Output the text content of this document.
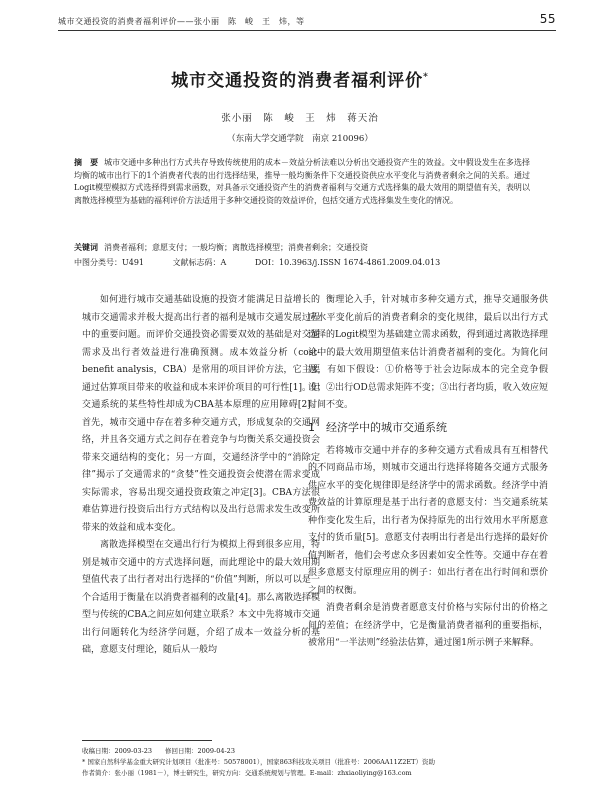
城市交通投资的消费者福利评价——张小丽　陈　峻　王　炜，等	55
城市交通投资的消费者福利评价*
张小丽　陈　峻　王　炜　蒋天治
（东南大学交通学院　南京 210096）
摘　要 城市交通中多种出行方式共存导致传统使用的成本－效益分析法难以分析出交通投资产生的效益。文中假设发生在多选择均衡的城市出行下的1个消费者代表的出行选择结果，推导一般均衡条件下交通投资供应水平变化与消费者剩余之间的关系。通过Logit模型模拟方式选择得到需求函数，对具备示交通投资产生的消费者福利与交通方式选择集的最大效用的期望值有关，表明以离散选择模型为基础的福利评价方法适用于多种交通投资的效益评价，包括交通方式选择集发生变化的情况。
关键词 消费者福利；意愿支付；一般均衡；离散选择模型；消费者剩余；交通投资
中图分类号：U491	文献标志码：A	DOI：10.3963/j.ISSN 1674-4861.2009.04.013

如何进行城市交通基础设施的投资才能满足日益增长的城市交通需求并极大提高出行者的福利是城市交通发展过程中的重要问题。而评价交通投资必需要双效的基础是对交通需求及出行者效益进行准确预测。成本效益分析（cost-benefit analysis，CBA）是常用的项目评价方法，它主要通过估算项目带来的收益和成本来评价项目的可行性[1]。但交通系统的某些特性却成为CBA基本原理的应用障碍[2]。首先，城市交通中存在着多种交通方式，形成复杂的交通网络，并且各交通方式之间存在着竞争与均衡关系交通投资会带来交通结构的变化；另一方面，交通经济学中的“消除定律”揭示了交通需求的“贪婪”性交通投资会使潜在需求变成实际需求，容易出现交通投资政策之冲定[3]。CBA方法很难估算进行投资后出行方式结构以及出行总需求发生改变所带来的效益和成本变化。

离散选择模型在交通出行行为模拟上得到很多应用，特别是城市交通中的方式选择问题，而此理论中的最大效用期望值代表了出行者对出行选择的“价值”判断，所以可以是一个合适用于衡量在以消费者福利的改量[4]。那么离散选择模型与传统的CBA之间应如何建立联系？本文中先将城市交通出行问题转化为经济学问题，介绍了成本一效益分析的基础，意愿支付理论，随后从一般均

衡理论入手，针对城市多种交通方式，推导交通服务供应水平变化前后的消费者剩余的变化规律，最后以出行方式选择的Logit模型为基础建立需求函数，得到通过离散选择理论中的最大效用期望值来估计消费者福利的变化。为简化问题，有如下假设：①价格等于社会边际成本的完全竞争假设；②出行OD总需求矩阵不变；③出行者均质，收入效应短时间不变。

1　经济学中的城市交通系统

若将城市交通中并存的多种交通方式看成具有互相替代的不同商品市场，则城市交通出行选择将随各交通方式服务供应水平的变化规律即是经济学中的需求函数。经济学中消费效益的计算原理是基于出行者的意愿支付：当交通系统某种作变化发生后，出行者为保持原先的出行效用水平所愿意支付的货币量[5]。意愿支付表明出行者是出行选择的最好价值判断者，他们会考虑众多因素如安全性等。交通中存在着很多意愿支付原理应用的例子：如出行者在出行时间和票价之间的权衡。

消费者剩余是消费者愿意支付价格与实际付出的价格之间的差值；在经济学中，它是衡量消费者福利的重要指标，被常用“一半法则”经验法估算，通过图1所示例子来解释。

收稿日期：2009-03-23　　修回日期：2009-04-23
* 国家自然科学基金重大研究计划项目（批准号：50578001），国家863科技攻关项目（批准号：2006AA11Z2ET）资助
作者简介：张小丽（1981－），博士研究生，研究方向：交通系统规划与管理。E-mail：zhxiaoliying@163.com
